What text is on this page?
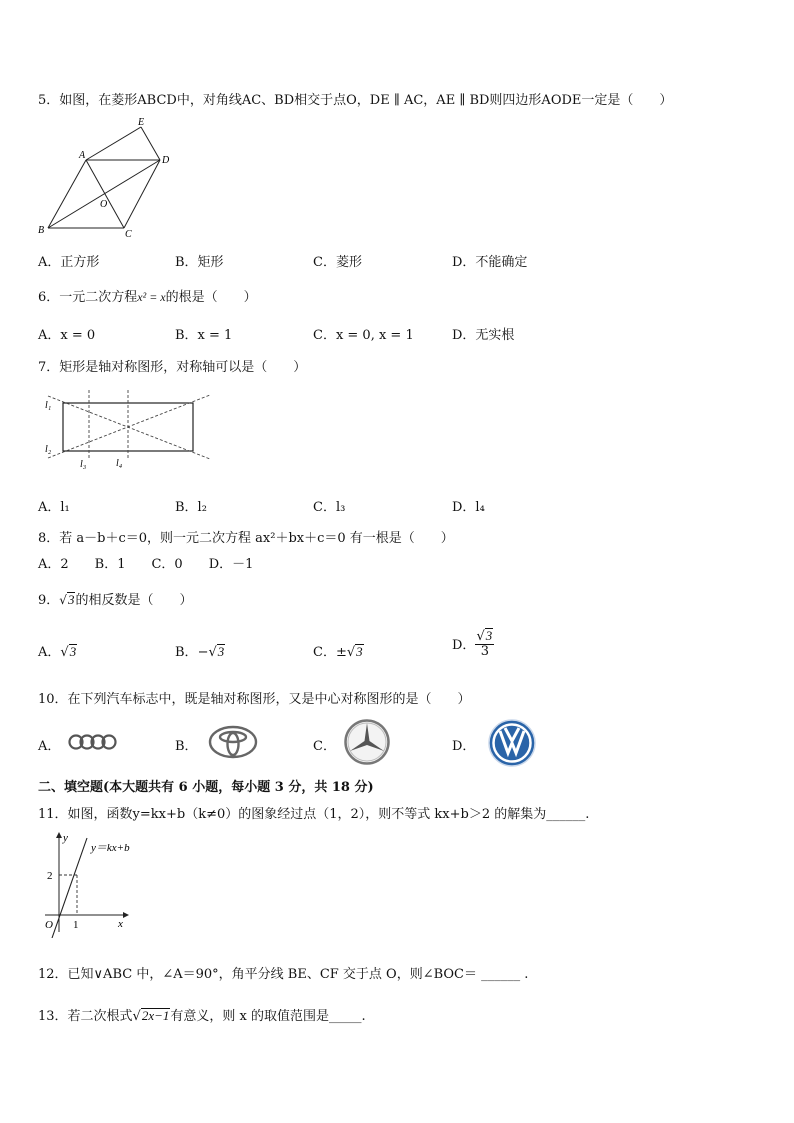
5．如图，在菱形ABCD中，对角线AC、BD相交于点O，DE ∥ AC，AE ∥ BD则四边形AODE一定是（　　）
E
A	D
O
B	C
A．正方形	B．矩形	C．菱形	D．不能确定
6．一元二次方程x² = x的根是（　　）
A．x = 0	B．x = 1	C．x = 0, x = 1	D．无实根
7．矩形是轴对称图形，对称轴可以是（　　）
l₁
l₂
l₃	l₄
A．l₁	B．l₂	C．l₃	D．l₄
8．若 a－b＋c＝0，则一元二次方程 ax²＋bx＋c＝0 有一根是（　　）
A．2　　B．1　　C．0　　D．－1
9．√3的相反数是（　　）
A．√3	B．−√3	C．±√3	D． $\frac{√3}{3}$
10．在下列汽车标志中，既是轴对称图形，又是中心对称图形的是（　　）
A．	B．	C．	D．
二、填空题(本大题共有 6 小题，每小题 3 分，共 18 分)
11．如图，函数y=kx+b（k≠0）的图象经过点（1，2），则不等式 kx+b＞2 的解集为______.
y
x
O
2
1
y＝kx+b
12．已知∨ABC 中，∠A＝90°，角平分线 BE、CF 交于点 O，则∠BOC＝ ______ .
13．若二次根式√2x−1有意义，则 x 的取值范围是_____.
